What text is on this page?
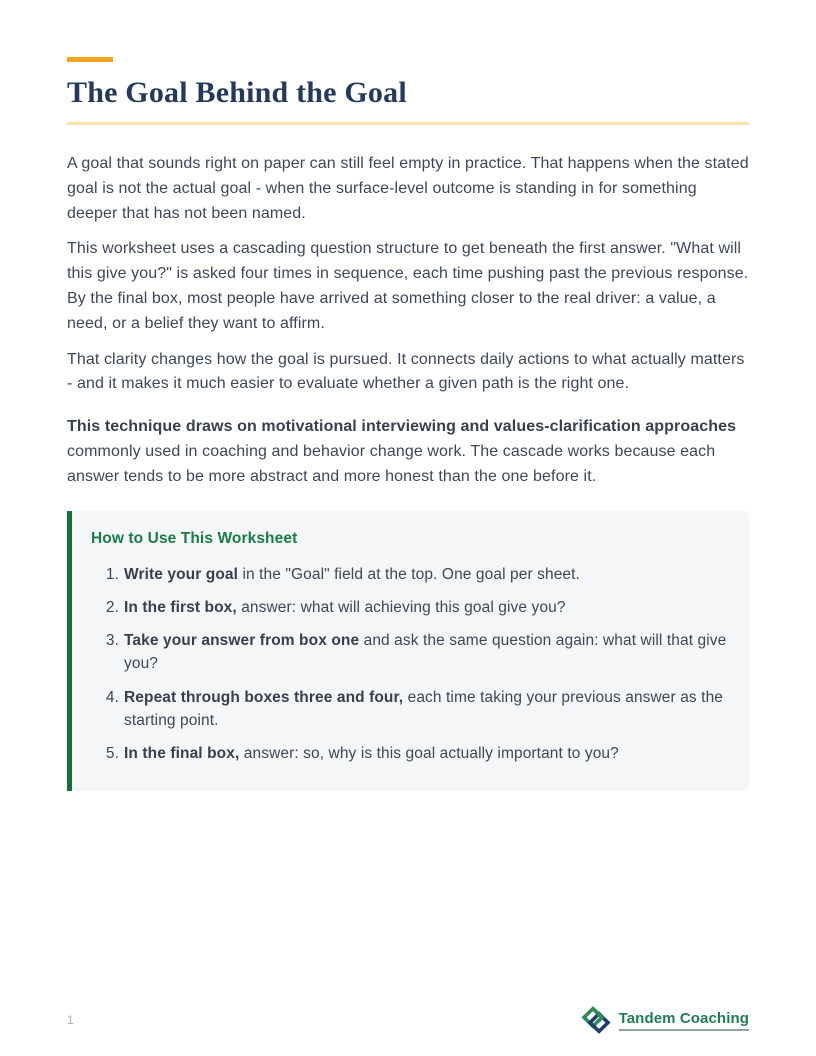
The Goal Behind the Goal

A goal that sounds right on paper can still feel empty in practice. That happens when the stated goal is not the actual goal - when the surface-level outcome is standing in for something deeper that has not been named.

This worksheet uses a cascading question structure to get beneath the first answer. "What will this give you?" is asked four times in sequence, each time pushing past the previous response. By the final box, most people have arrived at something closer to the real driver: a value, a need, or a belief they want to affirm.

That clarity changes how the goal is pursued. It connects daily actions to what actually matters - and it makes it much easier to evaluate whether a given path is the right one.

This technique draws on motivational interviewing and values-clarification approaches commonly used in coaching and behavior change work. The cascade works because each answer tends to be more abstract and more honest than the one before it.

How to Use This Worksheet
1. Write your goal in the "Goal" field at the top. One goal per sheet.
2. In the first box, answer: what will achieving this goal give you?
3. Take your answer from box one and ask the same question again: what will that give you?
4. Repeat through boxes three and four, each time taking your previous answer as the starting point.
5. In the final box, answer: so, why is this goal actually important to you?
1	Tandem Coaching
